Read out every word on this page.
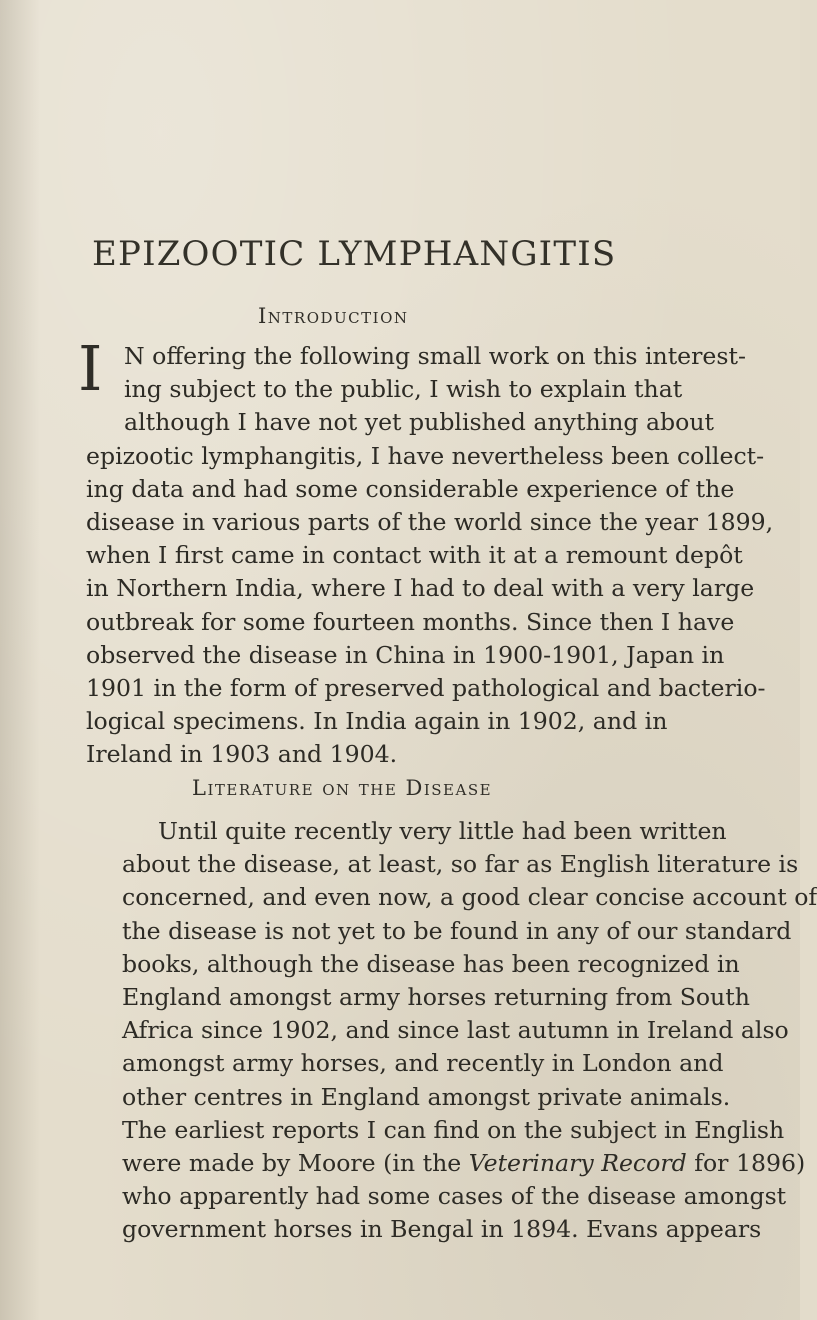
EPIZOOTIC LYMPHANGITIS
Introduction
I N offering the following small work on this interest-
ing subject to the public, I wish to explain that
although I have not yet published anything about
epizootic lymphangitis, I have nevertheless been collect-
ing data and had some considerable experience of the
disease in various parts of the world since the year 1899,
when I first came in contact with it at a remount depôt
in Northern India, where I had to deal with a very large
outbreak for some fourteen months. Since then I have
observed the disease in China in 1900-1901, Japan in
1901 in the form of preserved pathological and bacterio-
logical specimens. In India again in 1902, and in
Ireland in 1903 and 1904.

Literature on the Disease

Until quite recently very little had been written
about the disease, at least, so far as English literature is
concerned, and even now, a good clear concise account of
the disease is not yet to be found in any of our standard
books, although the disease has been recognized in
England amongst army horses returning from South
Africa since 1902, and since last autumn in Ireland also
amongst army horses, and recently in London and
other centres in England amongst private animals.
The earliest reports I can find on the subject in English
were made by Moore (in the Veterinary Record for 1896)
who apparently had some cases of the disease amongst
government horses in Bengal in 1894. Evans appears
